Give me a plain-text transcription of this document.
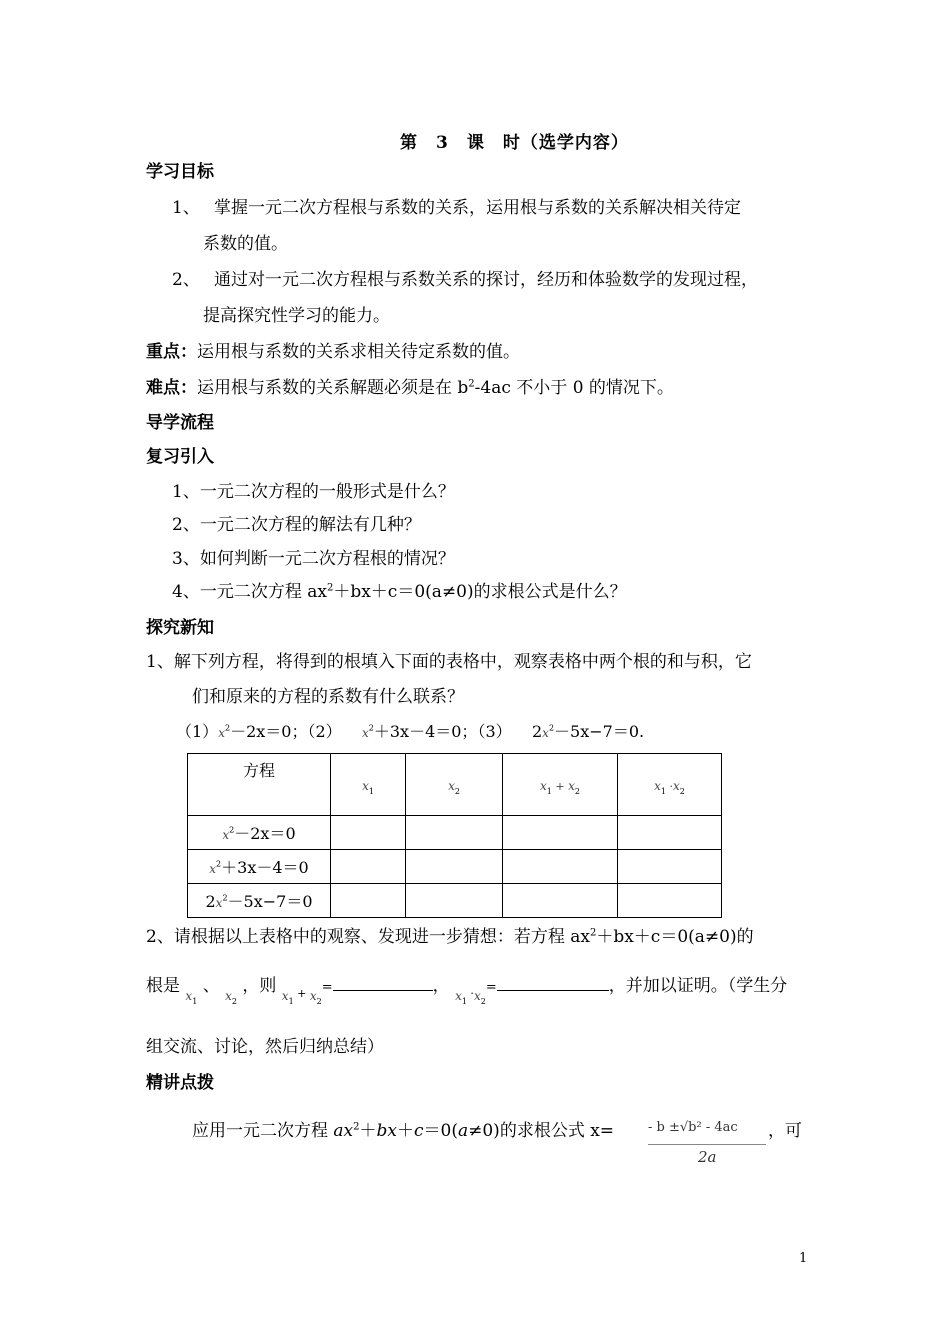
第　3　课　时（选学内容）
学习目标
1、 掌握一元二次方程根与系数的关系，运用根与系数的关系解决相关待定
系数的值。
2、 通过对一元二次方程根与系数关系的探讨，经历和体验数学的发现过程，
提高探究性学习的能力。
重点：运用根与系数的关系求相关待定系数的值。
难点：运用根与系数的关系解题必须是在 $b^2-4ac$ 不小于 0 的情况下。
导学流程
复习引入
1、一元二次方程的一般形式是什么？
2、一元二次方程的解法有几种？
3、如何判断一元二次方程根的情况？
4、一元二次方程 $ax^2+bx+c=0(a\ne 0)$的求根公式是什么？
探究新知
1、解下列方程，将得到的根填入下面的表格中，观察表格中两个根的和与积，它
们和原来的方程的系数有什么联系？
$(1)x^2-2x=0$；（2） $x^2+3x-4=0$；（3） $2x^2-5x-7=0$.
方程	$x_1$	$x_2$	$x_1 + x_2$	$x_1 \cdot x_2$
$x^2-2x=0$				
$x^2+3x-4=0$				
$2x^2-5x-7=0$				
2、请根据以上表格中的观察、发现进一步猜想：若方程 $ax^2+bx+c=0(a\ne 0)$的
根是 $_{x1}$ 、 $_{x2}$ ，则 $_{x1}$ $_+$ $_{x2}$=	， $_{x1}$ $_{\cdot x2}$=	，并加以证明。（学生分
组交流、讨论，然后归纳总结）
精讲点拨
应用一元二次方程 $ax^2+bx+c=0(a\ne 0)$的求根公式 x=	- b ±√b² - 4ac
2a
，可
1
